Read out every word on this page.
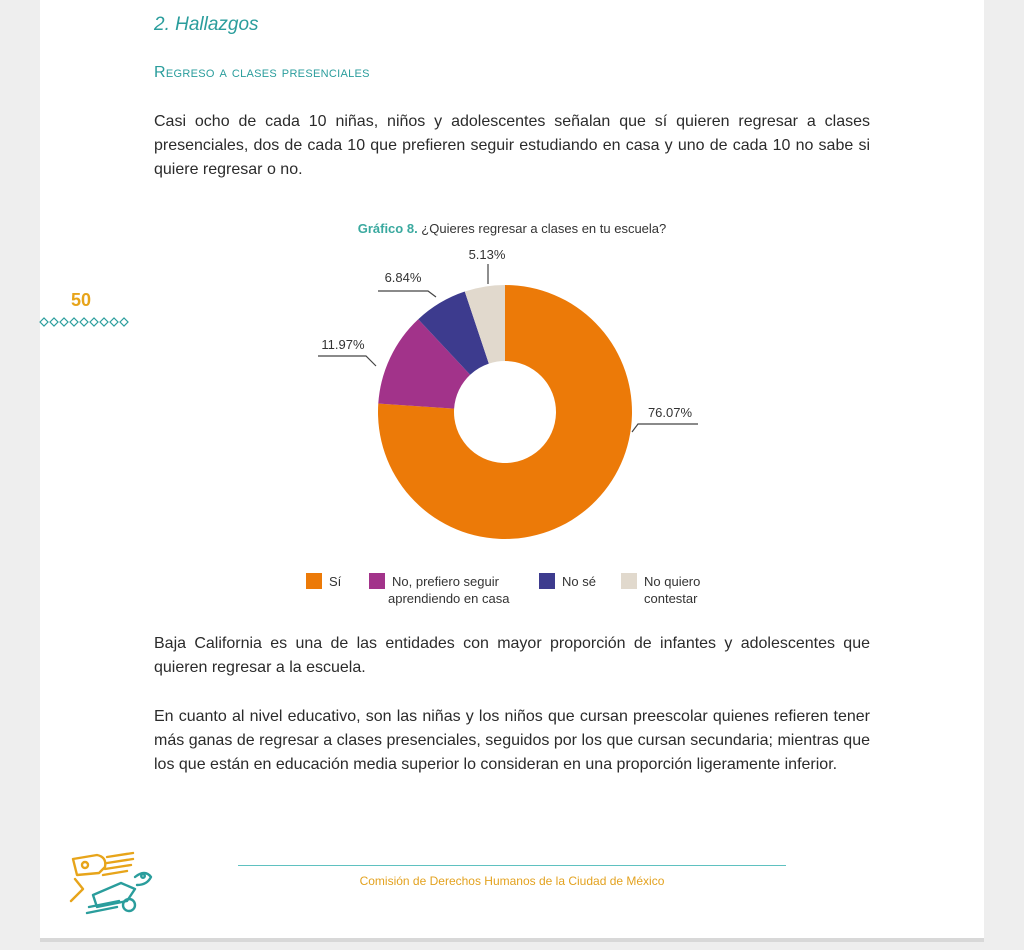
2. Hallazgos
Regreso a clases presenciales

Casi ocho de cada 10 niñas, niños y adolescentes señalan que sí quieren regresar a clases presenciales, dos de cada 10 que prefieren seguir estudiando en casa y uno de cada 10 no sabe si quiere regresar o no.

50
Gráfico 8. ¿Quieres regresar a clases en tu escuela?
76.07%
11.97%
6.84%
5.13%
Sí	No, prefiero seguir
aprendiendo en casa
No sé	No quiero
contestar

Baja California es una de las entidades con mayor proporción de infantes y adolescentes que quieren regresar a la escuela.

En cuanto al nivel educativo, son las niñas y los niños que cursan preescolar quienes refieren tener más ganas de regresar a clases presenciales, seguidos por los que cursan secundaria; mientras que los que están en educación media superior lo consideran en una proporción ligeramente inferior.

Comisión de Derechos Humanos de la Ciudad de México
